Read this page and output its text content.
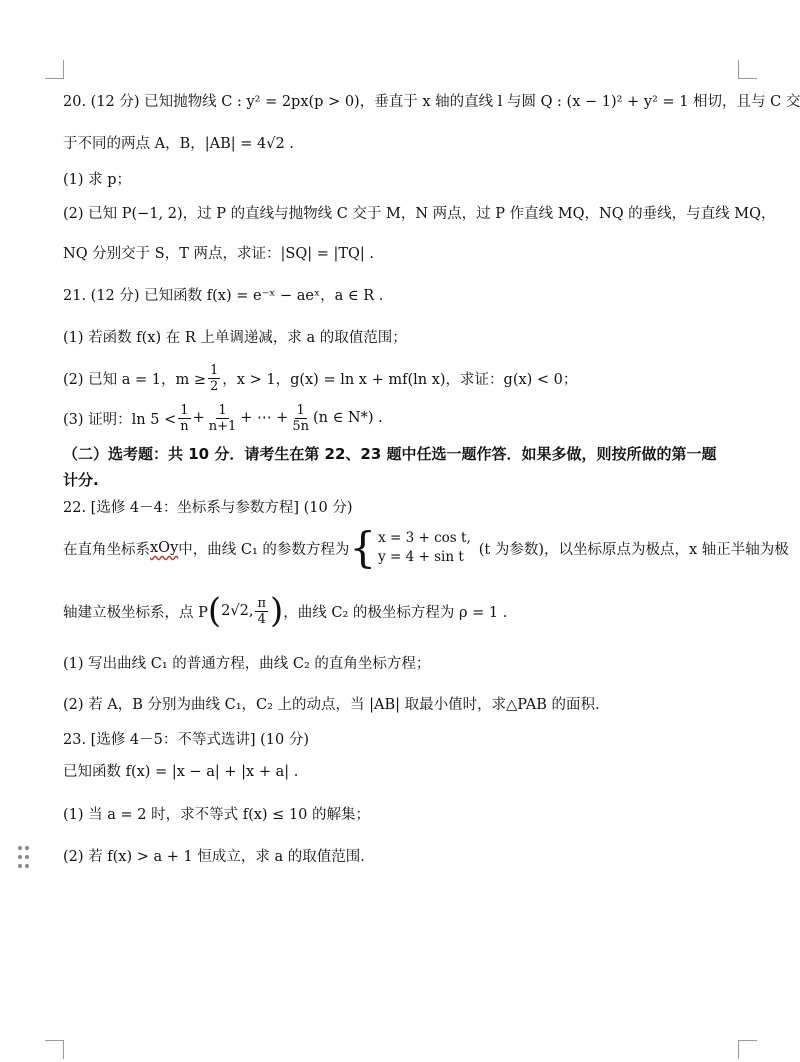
20. (12 分) 已知抛物线 C : y² = 2px(p > 0)，垂直于 x 轴的直线 l 与圆 Q : (x − 1)² + y² = 1 相切，且与 C 交
于不同的两点 A，B，|AB| = 4√2 .
(1) 求 p；
(2) 已知 P(−1, 2)，过 P 的直线与抛物线 C 交于 M，N 两点，过 P 作直线 MQ，NQ 的垂线，与直线 MQ，
NQ 分别交于 S，T 两点，求证：|SQ| = |TQ| .
21. (12 分) 已知函数 f(x) = e⁻ˣ − aeˣ，a ∈ R .
(1) 若函数 f(x) 在 R 上单调递减，求 a 的取值范围；
(2) 已知 a = 1，$m \ge \frac{1}{2}$ ，x > 1，g(x) = ln x + mf(ln x)，求证：g(x) < 0；
(3) 证明：$\ln 5 < \frac{1}{n} + \frac{1}{n+1}$ + ⋯ + $\frac{1}{5n} (n$ ∈ N*) .
（二）选考题：共 10 分．请考生在第 22、23 题中任选一题作答．如果多做，则按所做的第一题
计分.
22. [选修 4－4：坐标系与参数方程] (10 分)
在直角坐标系 xOy 中，曲线 C₁ 的参数方程为 { x = 3 + cos t,
y = 4 + sin t	(t 为参数)，以坐标原点为极点，x 轴正半轴为极
轴建立极坐标系，点 P ( 2√2, $\frac{\pi}{4}$ ) ，曲线 C₂ 的极坐标方程为 ρ = 1 .
(1) 写出曲线 C₁ 的普通方程，曲线 C₂ 的直角坐标方程；
(2) 若 A，B 分别为曲线 C₁，C₂ 上的动点，当 |AB| 取最小值时，求△PAB 的面积.
23. [选修 4－5：不等式选讲] (10 分)
已知函数 f(x) = |x − a| + |x + a| .
(1) 当 a = 2 时，求不等式 f(x) ≤ 10 的解集；
(2) 若 f(x) > a + 1 恒成立，求 a 的取值范围.
